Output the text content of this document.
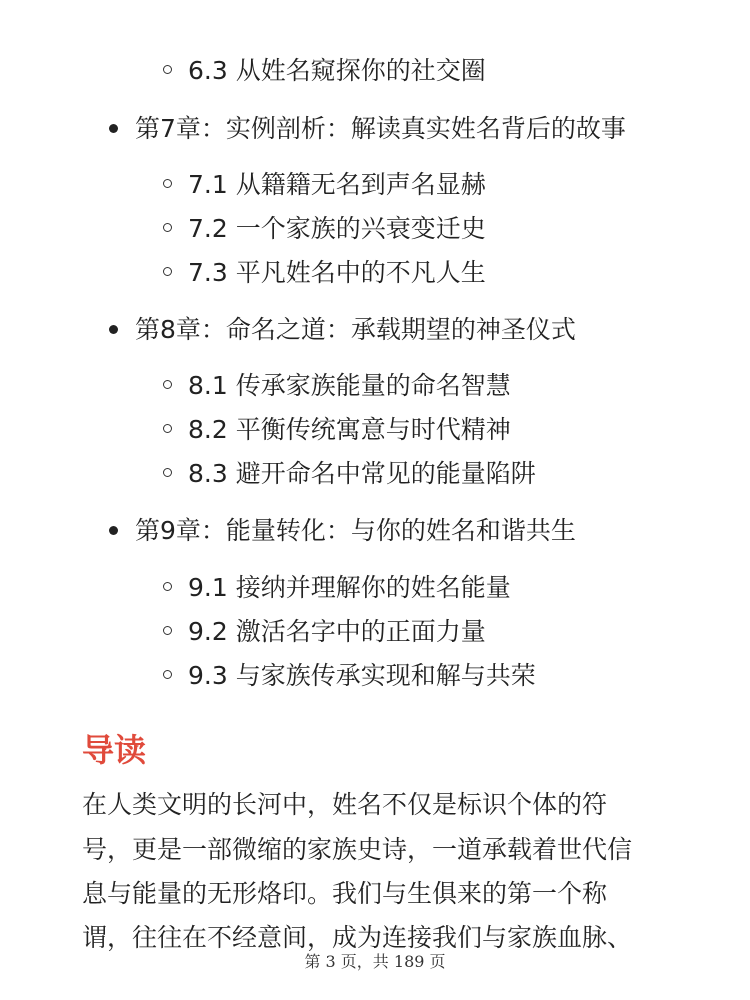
6.3 从姓名窥探你的社交圈
第7章：实例剖析：解读真实姓名背后的故事
7.1 从籍籍无名到声名显赫
7.2 一个家族的兴衰变迁史
7.3 平凡姓名中的不凡人生
第8章：命名之道：承载期望的神圣仪式
8.1 传承家族能量的命名智慧
8.2 平衡传统寓意与时代精神
8.3 避开命名中常见的能量陷阱
第9章：能量转化：与你的姓名和谐共生
9.1 接纳并理解你的姓名能量
9.2 激活名字中的正面力量
9.3 与家族传承实现和解与共荣
导读
在人类文明的长河中，姓名不仅是标识个体的符
号，更是一部微缩的家族史诗，一道承载着世代信
息与能量的无形烙印。我们与生俱来的第一个称
谓，往往在不经意间，成为连接我们与家族血脉、
第 3 页，共 189 页
